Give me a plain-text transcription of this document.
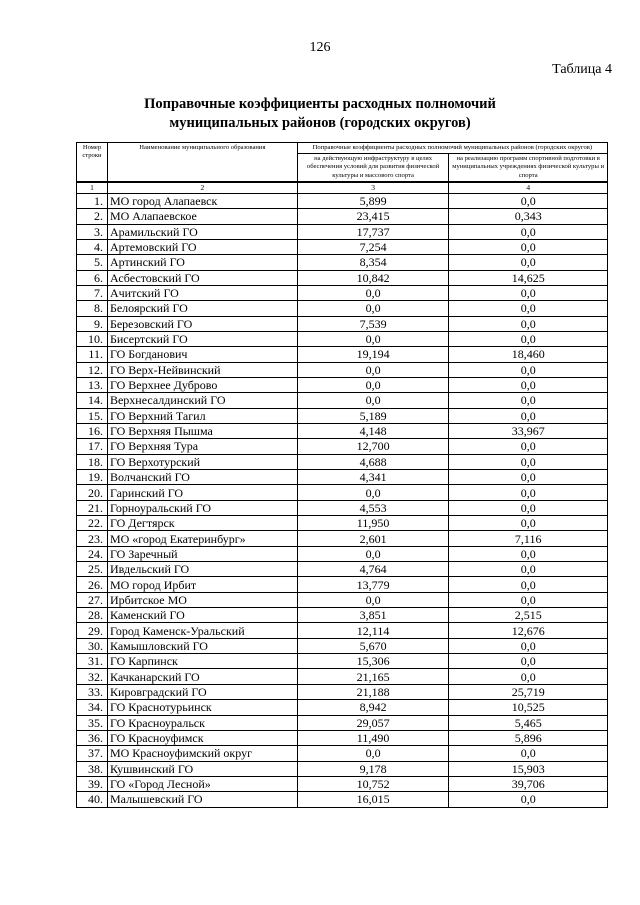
126
Таблица 4
Поправочные коэффициенты расходных полномочий
муниципальных районов (городских округов)
Номер строки	Наименование муниципального образования	Поправочные коэффициенты расходных полномочий муниципальных районов (городских округов)	
		на действующую инфраструктуру в целях обеспечения условий для развития физической культуры и массового спорта	на реализацию программ спортивной подготовки в муниципальных учреждениях физической культуры и спорта
1	2	3	4
1.	МО город Алапаевск	5,899	0,0
2.	МО Алапаевское	23,415	0,343
3.	Арамильский ГО	17,737	0,0
4.	Артемовский ГО	7,254	0,0
5.	Артинский ГО	8,354	0,0
6.	Асбестовский ГО	10,842	14,625
7.	Ачитский ГО	0,0	0,0
8.	Белоярский ГО	0,0	0,0
9.	Березовский ГО	7,539	0,0
10.	Бисертский ГО	0,0	0,0
11.	ГО Богданович	19,194	18,460
12.	ГО Верх-Нейвинский	0,0	0,0
13.	ГО Верхнее Дуброво	0,0	0,0
14.	Верхнесалдинский ГО	0,0	0,0
15.	ГО Верхний Тагил	5,189	0,0
16.	ГО Верхняя Пышма	4,148	33,967
17.	ГО Верхняя Тура	12,700	0,0
18.	ГО Верхотурский	4,688	0,0
19.	Волчанский ГО	4,341	0,0
20.	Гаринский ГО	0,0	0,0
21.	Горноуральский ГО	4,553	0,0
22.	ГО Дегтярск	11,950	0,0
23.	МО «город Екатеринбург»	2,601	7,116
24.	ГО Заречный	0,0	0,0
25.	Ивдельский ГО	4,764	0,0
26.	МО город Ирбит	13,779	0,0
27.	Ирбитское МО	0,0	0,0
28.	Каменский ГО	3,851	2,515
29.	Город Каменск-Уральский	12,114	12,676
30.	Камышловский ГО	5,670	0,0
31.	ГО Карпинск	15,306	0,0
32.	Качканарский ГО	21,165	0,0
33.	Кировградский ГО	21,188	25,719
34.	ГО Краснотурьинск	8,942	10,525
35.	ГО Красноуральск	29,057	5,465
36.	ГО Красноуфимск	11,490	5,896
37.	МО Красноуфимский округ	0,0	0,0
38.	Кушвинский ГО	9,178	15,903
39.	ГО «Город Лесной»	10,752	39,706
40.	Малышевский ГО	16,015	0,0
